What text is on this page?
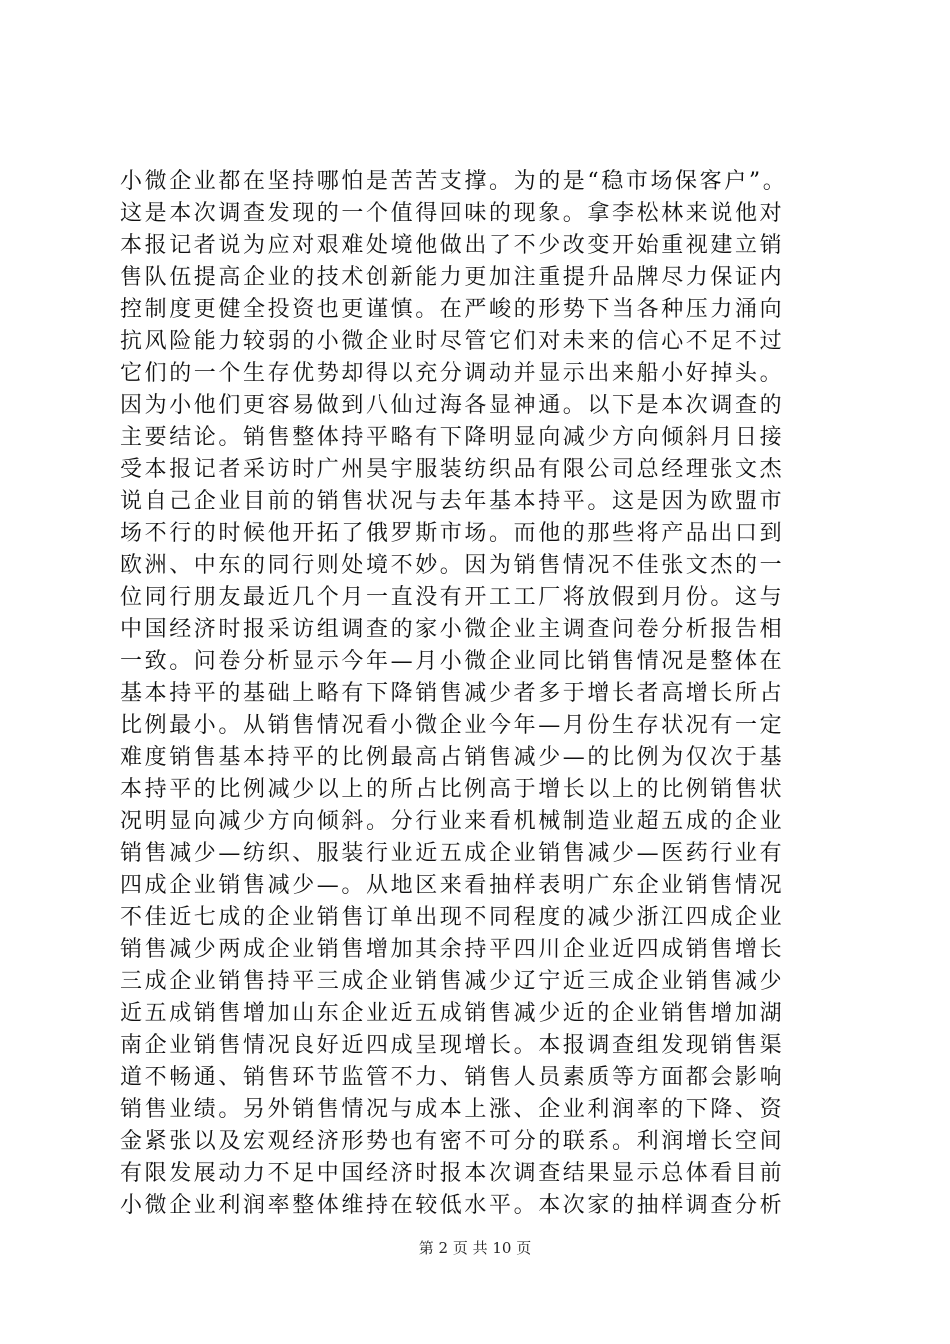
小微企业都在坚持哪怕是苦苦支撑。为的是“稳市场保客户”。
这是本次调查发现的一个值得回味的现象。拿李松林来说他对
本报记者说为应对艰难处境他做出了不少改变开始重视建立销
售队伍提高企业的技术创新能力更加注重提升品牌尽力保证内
控制度更健全投资也更谨慎。在严峻的形势下当各种压力涌向
抗风险能力较弱的小微企业时尽管它们对未来的信心不足不过
它们的一个生存优势却得以充分调动并显示出来船小好掉头。
因为小他们更容易做到八仙过海各显神通。以下是本次调查的
主要结论。销售整体持平略有下降明显向减少方向倾斜月日接
受本报记者采访时广州昊宇服装纺织品有限公司总经理张文杰
说自己企业目前的销售状况与去年基本持平。这是因为欧盟市
场不行的时候他开拓了俄罗斯市场。而他的那些将产品出口到
欧洲、中东的同行则处境不妙。因为销售情况不佳张文杰的一
位同行朋友最近几个月一直没有开工工厂将放假到月份。这与
中国经济时报采访组调查的家小微企业主调查问卷分析报告相
一致。问卷分析显示今年—月小微企业同比销售情况是整体在
基本持平的基础上略有下降销售减少者多于增长者高增长所占
比例最小。从销售情况看小微企业今年—月份生存状况有一定
难度销售基本持平的比例最高占销售减少—的比例为仅次于基
本持平的比例减少以上的所占比例高于增长以上的比例销售状
况明显向减少方向倾斜。分行业来看机械制造业超五成的企业
销售减少—纺织、服装行业近五成企业销售减少—医药行业有
四成企业销售减少—。从地区来看抽样表明广东企业销售情况
不佳近七成的企业销售订单出现不同程度的减少浙江四成企业
销售减少两成企业销售增加其余持平四川企业近四成销售增长
三成企业销售持平三成企业销售减少辽宁近三成企业销售减少
近五成销售增加山东企业近五成销售减少近的企业销售增加湖
南企业销售情况良好近四成呈现增长。本报调查组发现销售渠
道不畅通、销售环节监管不力、销售人员素质等方面都会影响
销售业绩。另外销售情况与成本上涨、企业利润率的下降、资
金紧张以及宏观经济形势也有密不可分的联系。利润增长空间
有限发展动力不足中国经济时报本次调查结果显示总体看目前
小微企业利润率整体维持在较低水平。本次家的抽样调查分析
第 2 页 共 10 页
